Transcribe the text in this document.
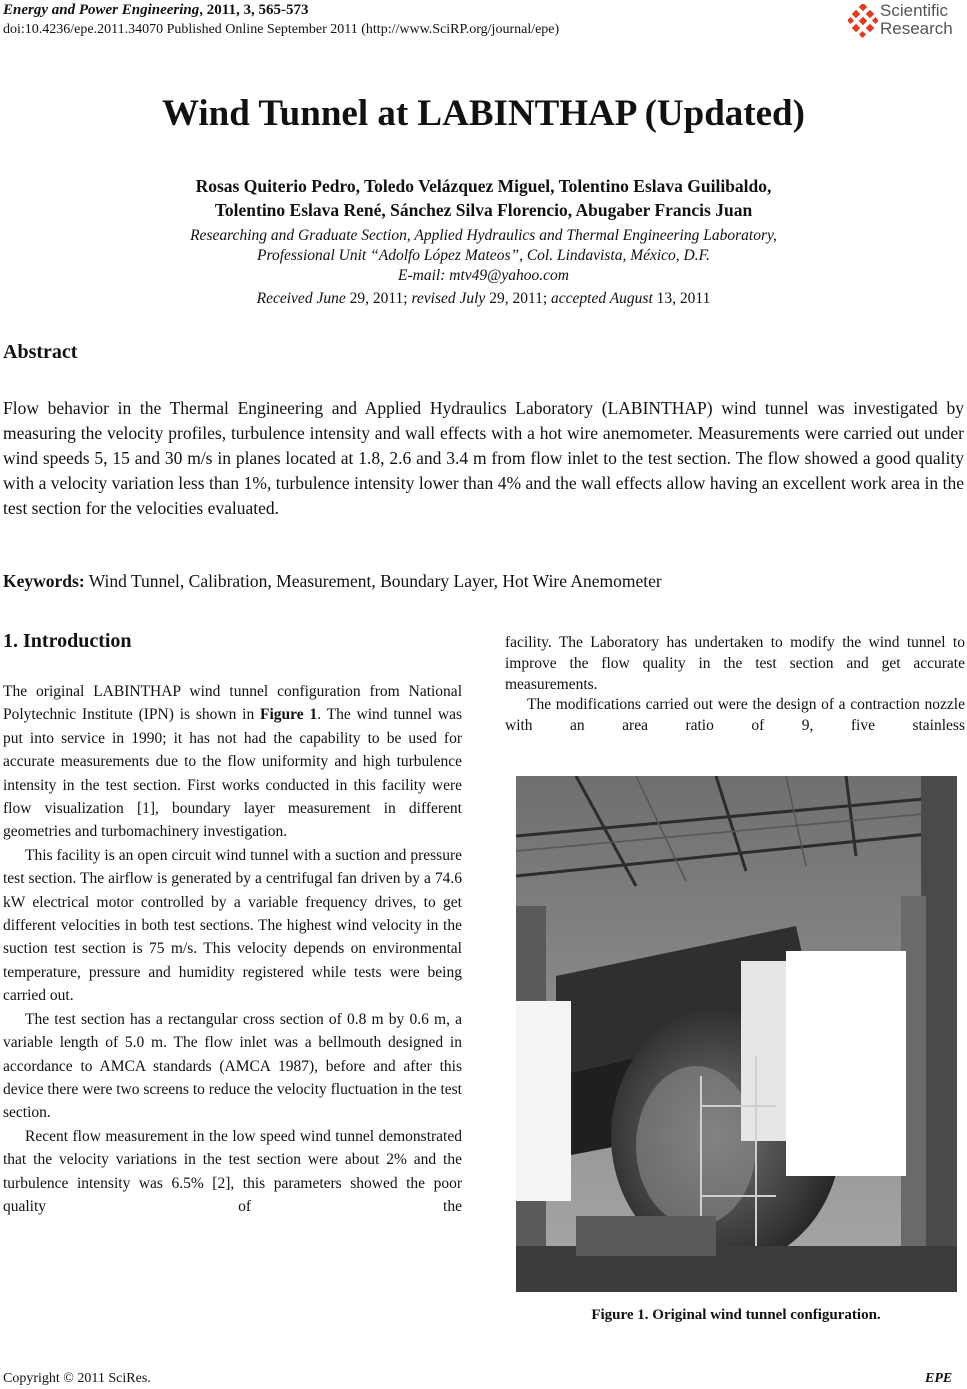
Energy and Power Engineering, 2011, 3, 565-573
doi:10.4236/epe.2011.34070 Published Online September 2011 (http://www.SciRP.org/journal/epe)
Scientific
Research
Wind Tunnel at LABINTHAP (Updated)
Rosas Quiterio Pedro, Toledo Velázquez Miguel, Tolentino Eslava Guilibaldo,
Tolentino Eslava René, Sánchez Silva Florencio, Abugaber Francis Juan
Researching and Graduate Section, Applied Hydraulics and Thermal Engineering Laboratory,
Professional Unit “Adolfo López Mateos”, Col. Lindavista, México, D.F.
E-mail: mtv49@yahoo.com
Received June 29, 2011; revised July 29, 2011; accepted August 13, 2011
Abstract
Flow behavior in the Thermal Engineering and Applied Hydraulics Laboratory (LABINTHAP) wind tunnel was investigated by measuring the velocity profiles, turbulence intensity and wall effects with a hot wire anemometer. Measurements were carried out under wind speeds 5, 15 and 30 m/s in planes located at 1.8, 2.6 and 3.4 m from flow inlet to the test section. The flow showed a good quality with a velocity variation less than 1%, turbulence intensity lower than 4% and the wall effects allow having an excellent work area in the test section for the velocities evaluated.
Keywords: Wind Tunnel, Calibration, Measurement, Boundary Layer, Hot Wire Anemometer
1. Introduction

The original LABINTHAP wind tunnel configuration from National Polytechnic Institute (IPN) is shown in Figure 1. The wind tunnel was put into service in 1990; it has not had the capability to be used for accurate measurements due to the flow uniformity and high turbulence intensity in the test section. First works conducted in this facility were flow visualization [1], boundary layer measurement in different geometries and turbomachinery investigation.

This facility is an open circuit wind tunnel with a suction and pressure test section. The airflow is generated by a centrifugal fan driven by a 74.6 kW electrical motor controlled by a variable frequency drives, to get different velocities in both test sections. The highest wind velocity in the suction test section is 75 m/s. This velocity depends on environmental temperature, pressure and humidity registered while tests were being carried out.

The test section has a rectangular cross section of 0.8 m by 0.6 m, a variable length of 5.0 m. The flow inlet was a bellmouth designed in accordance to AMCA standards (AMCA 1987), before and after this device there were two screens to reduce the velocity fluctuation in the test section.

Recent flow measurement in the low speed wind tunnel demonstrated that the velocity variations in the test section were about 2% and the turbulence intensity was 6.5% [2], this parameters showed the poor quality of the

facility. The Laboratory has undertaken to modify the wind tunnel to improve the flow quality in the test section and get accurate measurements.

The modifications carried out were the design of a contraction nozzle with an area ratio of 9, five stainless

Figure 1. Original wind tunnel configuration.
Copyright © 2011 SciRes.	EPE
